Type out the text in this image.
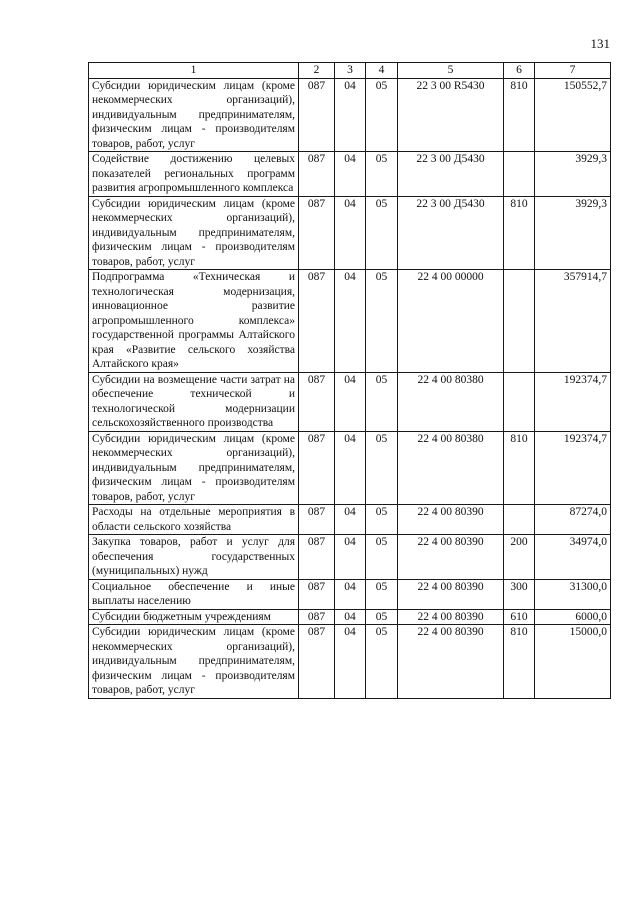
131
1	2	3	4	5	6	7
Субсидии юридическим лицам (кроме некоммерческих организаций), индивидуальным предпринимателям, физическим лицам - производителям товаров, работ, услуг	087	04	05	22 3 00 R5430	810	150552,7
Содействие достижению целевых показателей региональных программ развития агропромышленного комплекса	087	04	05	22 3 00 Д5430		3929,3
Субсидии юридическим лицам (кроме некоммерческих организаций), индивидуальным предпринимателям, физическим лицам - производителям товаров, работ, услуг	087	04	05	22 3 00 Д5430	810	3929,3
Подпрограмма «Техническая и технологическая модернизация, инновационное развитие агропромышленного комплекса» государственной программы Алтайского края «Развитие сельского хозяйства Алтайского края»	087	04	05	22 4 00 00000		357914,7
Субсидии на возмещение части затрат на обеспечение технической и технологической модернизации сельскохозяйственного производства	087	04	05	22 4 00 80380		192374,7
Субсидии юридическим лицам (кроме некоммерческих организаций), индивидуальным предпринимателям, физическим лицам - производителям товаров, работ, услуг	087	04	05	22 4 00 80380	810	192374,7
Расходы на отдельные мероприятия в области сельского хозяйства	087	04	05	22 4 00 80390		87274,0
Закупка товаров, работ и услуг для обеспечения государственных (муниципальных) нужд	087	04	05	22 4 00 80390	200	34974,0
Социальное обеспечение и иные выплаты населению	087	04	05	22 4 00 80390	300	31300,0
Субсидии бюджетным учреждениям	087	04	05	22 4 00 80390	610	6000,0
Субсидии юридическим лицам (кроме некоммерческих организаций), индивидуальным предпринимателям, физическим лицам - производителям товаров, работ, услуг	087	04	05	22 4 00 80390	810	15000,0
